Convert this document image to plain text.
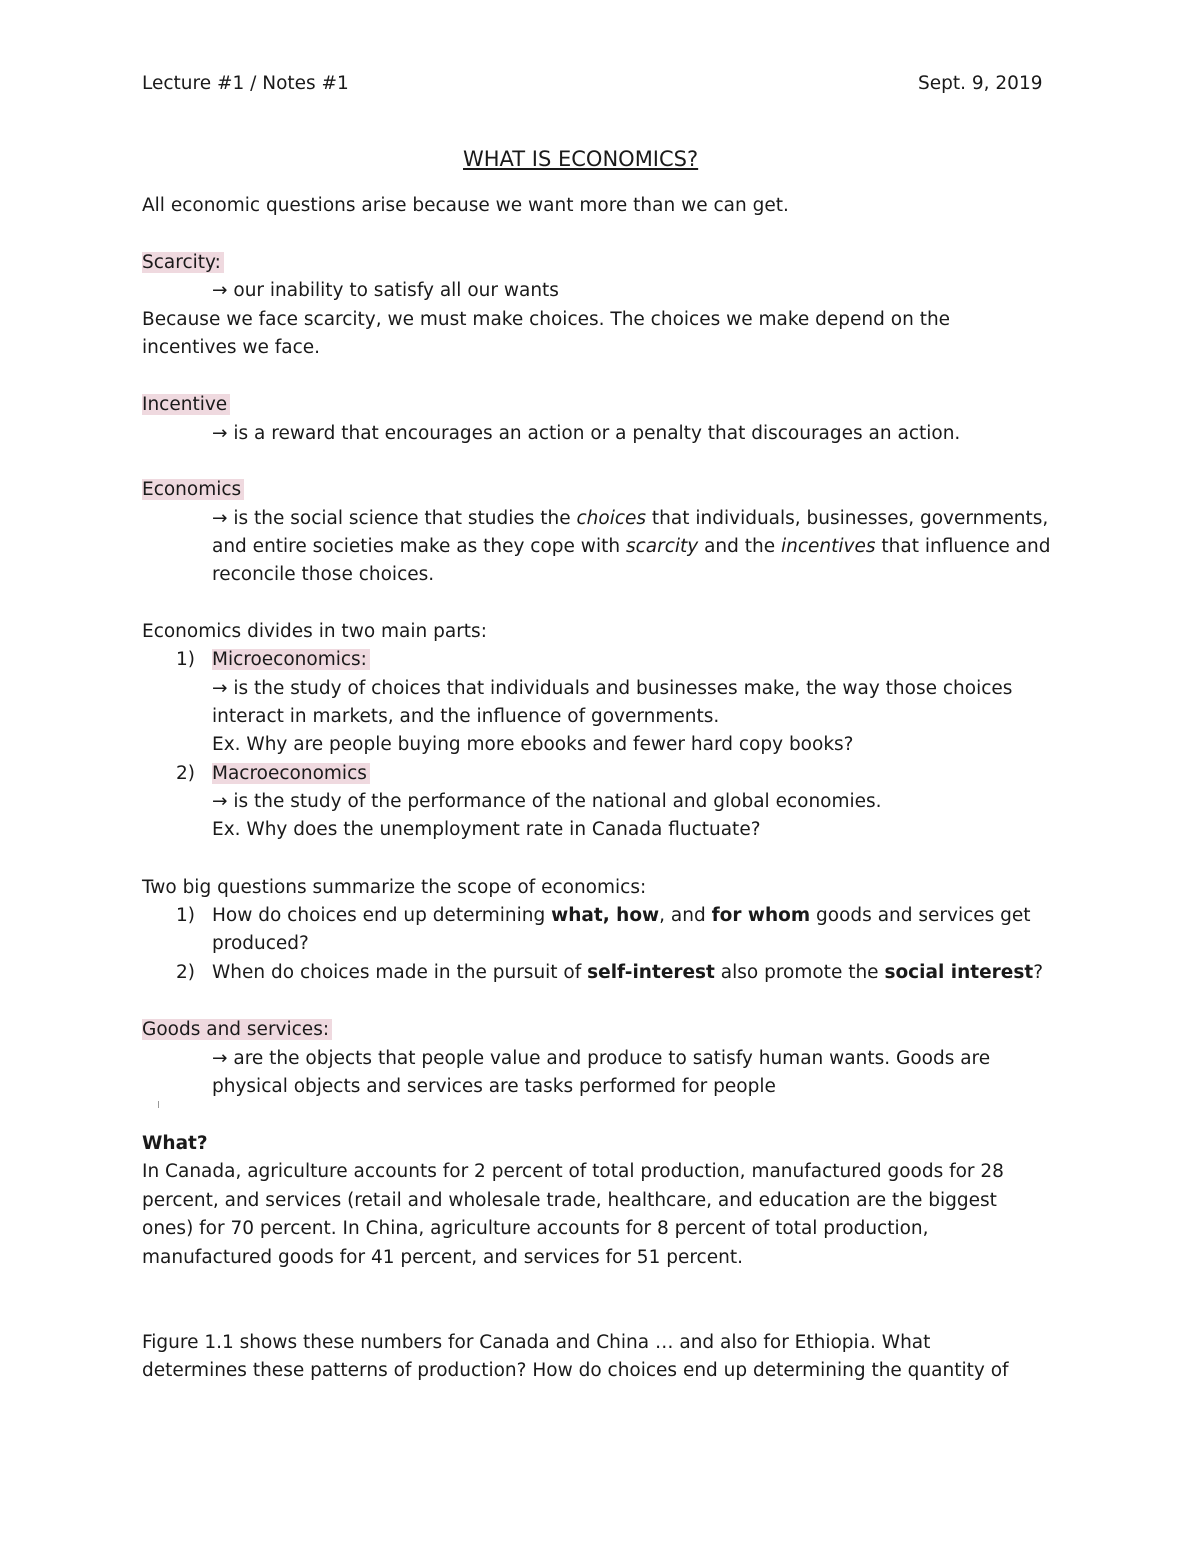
Lecture #1 / Notes #1	Sept. 9, 2019
WHAT IS ECONOMICS?
All economic questions arise because we want more than we can get.
Scarcity:
→ our inability to satisfy all our wants
Because we face scarcity, we must make choices. The choices we make depend on the
incentives we face.
Incentive
→ is a reward that encourages an action or a penalty that discourages an action.
Economics
→ is the social science that studies the choices that individuals, businesses, governments,
and entire societies make as they cope with scarcity and the incentives that influence and
reconcile those choices.
Economics divides in two main parts:
1) Microeconomics:
→ is the study of choices that individuals and businesses make, the way those choices
interact in markets, and the influence of governments.
Ex. Why are people buying more ebooks and fewer hard copy books?
2) Macroeconomics
→ is the study of the performance of the national and global economies.
Ex. Why does the unemployment rate in Canada fluctuate?
Two big questions summarize the scope of economics:
1) How do choices end up determining what, how, and for whom goods and services get
produced?
2) When do choices made in the pursuit of self-interest also promote the social interest?
Goods and services:
→ are the objects that people value and produce to satisfy human wants. Goods are
physical objects and services are tasks performed for people
What?
In Canada, agriculture accounts for 2 percent of total production, manufactured goods for 28
percent, and services (retail and wholesale trade, healthcare, and education are the biggest
ones) for 70 percent. In China, agriculture accounts for 8 percent of total production,
manufactured goods for 41 percent, and services for 51 percent.
Figure 1.1 shows these numbers for Canada and China … and also for Ethiopia. What
determines these patterns of production? How do choices end up determining the quantity of
